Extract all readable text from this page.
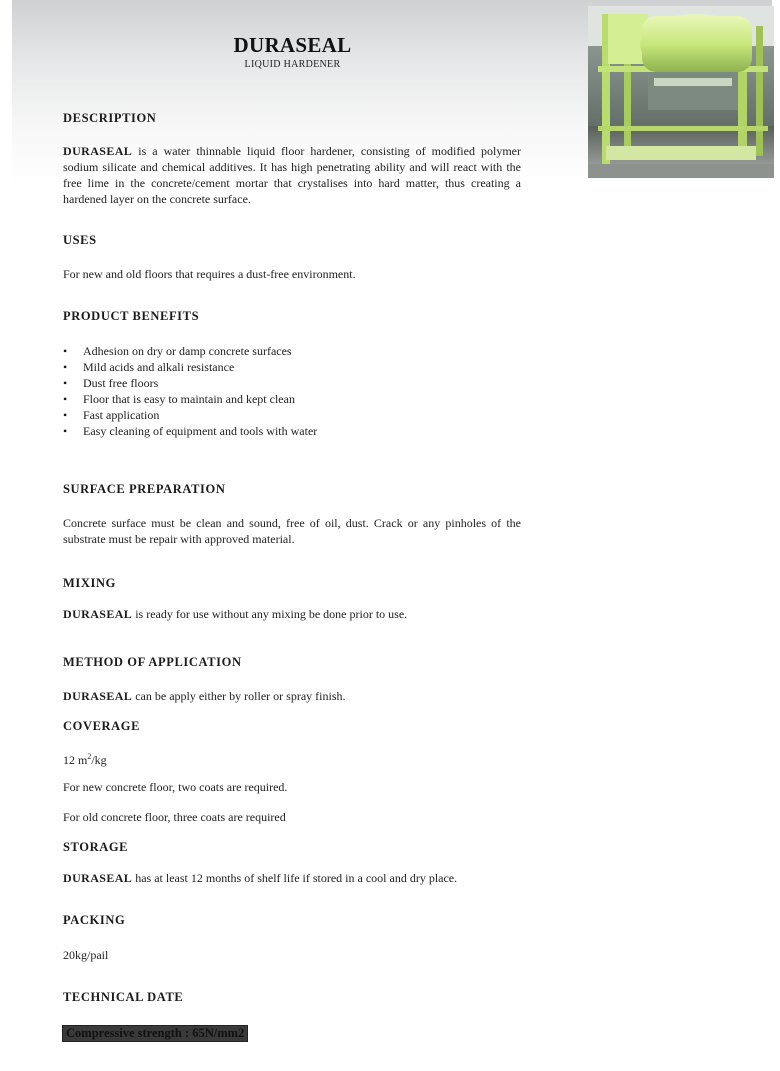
DURASEAL
LIQUID HARDENER
DESCRIPTION
DURASEAL is a water thinnable liquid floor hardener, consisting of modified polymer sodium silicate and chemical additives. It has high penetrating ability and will react with the free lime in the concrete/cement mortar that crystalises into hard matter, thus creating a hardened layer on the concrete surface.
USES
For new and old floors that requires a dust-free environment.
PRODUCT BENEFITS
• Adhesion on dry or damp concrete surfaces
• Mild acids and alkali resistance
• Dust free floors
• Floor that is easy to maintain and kept clean
• Fast application
• Easy cleaning of equipment and tools with water
SURFACE PREPARATION
Concrete surface must be clean and sound, free of oil, dust. Crack or any pinholes of the substrate must be repair with approved material.
MIXING
DURASEAL is ready for use without any mixing be done prior to use.
METHOD OF APPLICATION
DURASEAL can be apply either by roller or spray finish.
COVERAGE
12 $m^2/kg$
For new concrete floor, two coats are required.
For old concrete floor, three coats are required
STORAGE
DURASEAL has at least 12 months of shelf life if stored in a cool and dry place.
PACKING
20kg/pail
TECHNICAL DATE
Compressive strength : 65N/mm2
